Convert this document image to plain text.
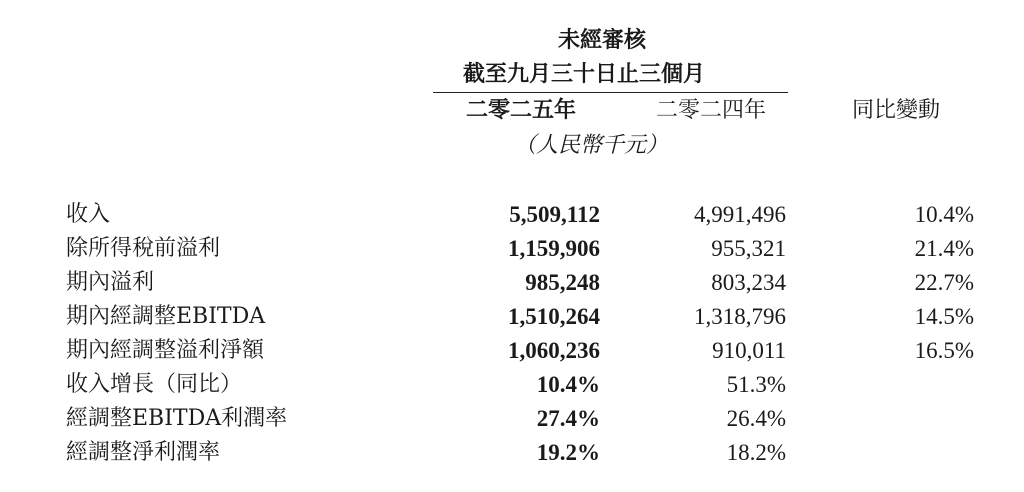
未經審核
截至九月三十日止三個月
二零二五年	二零二四年	同比變動
（人民幣千元）
收入	5,509,112	4,991,496	10.4%
除所得稅前溢利	1,159,906	955,321	21.4%
期內溢利	985,248	803,234	22.7%
期內經調整EBITDA	1,510,264	1,318,796	14.5%
期內經調整溢利淨額	1,060,236	910,011	16.5%
收入增長（同比）	10.4%	51.3%
經調整EBITDA利潤率	27.4%	26.4%
經調整淨利潤率	19.2%	18.2%
